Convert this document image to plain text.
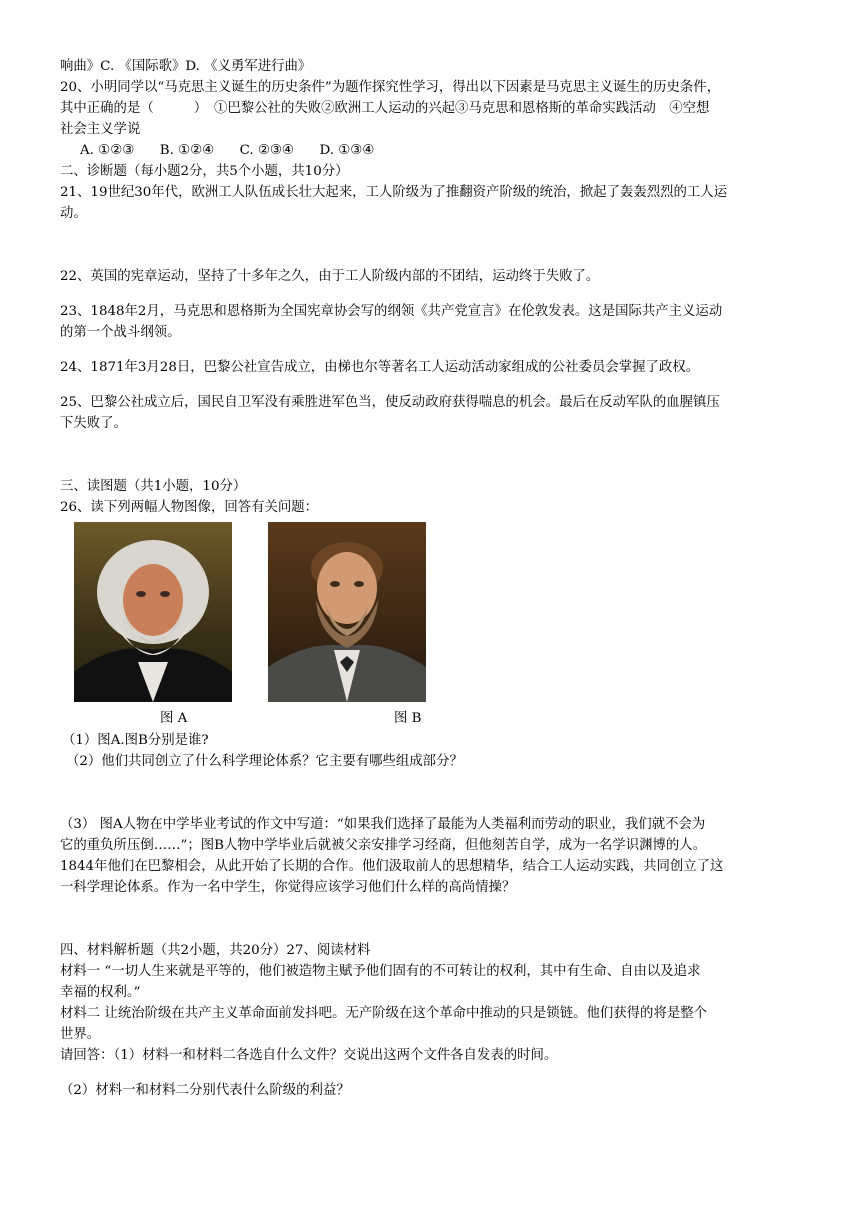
响曲》C. 《国际歌》D. 《义勇军进行曲》

20、小明同学以“马克思主义诞生的历史条件”为题作探究性学习，得出以下因素是马克思主义诞生的历史条件，

其中正确的是（　　　）　①巴黎公社的失败②欧洲工人运动的兴起③马克思和恩格斯的革命实践活动　④空想

社会主义学说

A. ①②③      B. ①②④      C. ②③④      D. ①③④

二、诊断题（每小题2分，共5个小题，共10分）

21、19世纪30年代，欧洲工人队伍成长壮大起来，工人阶级为了推翻资产阶级的统治，掀起了轰轰烈烈的工人运

动。

22、英国的宪章运动，坚持了十多年之久，由于工人阶级内部的不团结，运动终于失败了。

23、1848年2月，马克思和恩格斯为全国宪章协会写的纲领《共产党宣言》在伦敦发表。这是国际共产主义运动

的第一个战斗纲领。

24、1871年3月28日，巴黎公社宣告成立，由梯也尔等著名工人运动活动家组成的公社委员会掌握了政权。

25、巴黎公社成立后，国民自卫军没有乘胜进军色当，使反动政府获得喘息的机会。最后在反动军队的血腥镇压

下失败了。

三、读图题（共1小题，10分）

26、读下列两幅人物图像，回答有关问题：

图 A	图 B

（1）图A.图B分别是谁?

（2）他们共同创立了什么科学理论体系？它主要有哪些组成部分？

（3） 图A人物在中学毕业考试的作文中写道：“如果我们选择了最能为人类福利而劳动的职业，我们就不会为

它的重负所压倒……”；图B人物中学毕业后就被父亲安排学习经商，但他刻苦自学，成为一名学识渊博的人。

1844年他们在巴黎相会，从此开始了长期的合作。他们汲取前人的思想精华，结合工人运动实践，共同创立了这

一科学理论体系。作为一名中学生，你觉得应该学习他们什么样的高尚情操？

四、材料解析题（共2小题，共20分）27、阅读材料

材料一 “一切人生来就是平等的，他们被造物主赋予他们固有的不可转让的权利，其中有生命、自由以及追求

幸福的权利。”

材料二 让统治阶级在共产主义革命面前发抖吧。无产阶级在这个革命中推动的只是锁链。他们获得的将是整个

世界。

请回答：（1）材料一和材料二各选自什么文件？交说出这两个文件各自发表的时间。

（2）材料一和材料二分别代表什么阶级的利益？
